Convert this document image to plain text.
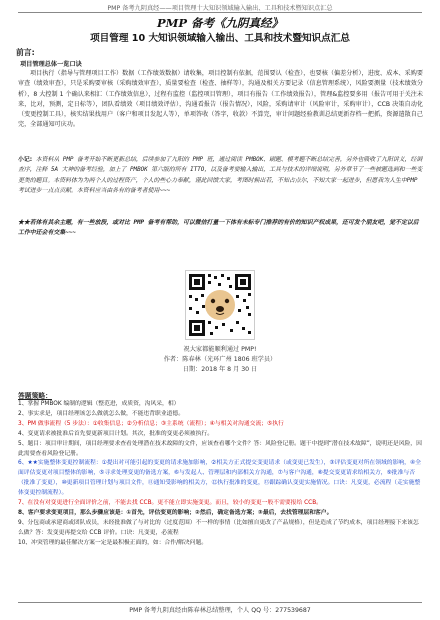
PMP 备考九阴真经——项目管理十大知识领域输入输出、工具和技术暨知识点汇总
PMP 备考《九阴真经》
项目管理 10 大知识领域输入输出、工具和技术暨知识点汇总
前言:
项目管理总体一览口诀

项目执行（指导与管理项目工作）数据（工作绩效数据）请收集，项目控制有依据，范围要认（检查），也要核（偏差分析），进度、成本、采购要审查（绩效审查），只是采购要审核（采购绩效审查），质量要检查（检查、抽样等），沟通及相关方要记录（信息管理系统），风险要测量（技术绩效分析），8 大控制 1 个确认来相汇（工作绩效信息），过程有监控（监控项目管理），项目有报告（工作绩效报告），管理&监控要多用（报告可用于关注未来，比对，预测，定日标等），团队看绩效（项目绩效评估），沟通看报告（报告情况），风险，采购请审计（风险审计，采购审计），CCB 决策自动化（变更控制工具），核实结果找用户（客户和项目发起人等），单项答收（答字，收款）不算完，审计问题经验教训总结更新存档一把抓，资源遣散自己完，全部通知可庆功。

小记: 本资料从 PMP 备考开始不断更新总结，后续参加了九阳的 PMP 班，通过阅读 PMBOK、刷题、模考题不断总结完善，另外也吸收了九阳讲义，经调查序，注释 5A 大神的备考经验，加上了 PMBOK 第六版的所有 ITTO，以及备考要输入输出，工具与技术的详细说明，另外章节了一些被题选到和一些变更类的题目。本资料体为为两个人的过程资产，个人的些心力奉献，谨此回馈大家，考图时候出若，不知占点尔，不知大家一起进步，但愿我为人生中PMP考试进步一点点贡献。本资料应当由各有的备考者使用~~~

★★若体有其余主题，有一些放段，或对比 PMP 备考有帮助，可以微信打量一下体有未标专门推荐的有价的知识产权成果，还可发个朋友吧，觉不定以后工作中还会有交集~~~

祝大家都能顺利通过 PMP!
作者：陈春林（光环广州 1806 班学员）
日期：2018 年 8 月 30 日
答题策略：
1、掌握 PMBOK 编制的逻辑（整范进，成质资，沟风采，相）
2、事实求是，项目经理该怎么做就怎么做，不能违背职业道德。
3、PM 做事流程（5 步法）：①收集信息；②分析信息；③主系统（流程）；④与相关对沟通交流；⑤执行
4、变更请求被批准后首先要更新项目计划。其次，批准的变更必须被执行。
5、题目：项目审计期间，项目经理要求查看处理潜在技术故障的文件，应该查看哪个文件？答：风险登记册。题干中提到“潜在技术故障”，说明还是风险，因此需要查看风险登记册。
6、★★实施整体变更控制流程：①提出对可能引起的变更的请求施加影响，②相关方正式提交变更请求（或变更已发生），③评估变更对所在领域的影响，④全面评估变更对项目整体的影响，⑤寻求处理变更的备选方案，⑥与发起人、管理层和内部相关方沟通，⑦与客户沟通，⑧提交变更请求给相关方，⑨批准与否（批准了变更），⑩更新项目管理计划与项目文件，⑪通知受影响的相关方，⑫执行批准的变更，⑬跟踪确认变更实施情况。口诀：凡变更，必流程（走实施整体变更控制流程）。
7、在没有对变更进行全面评价之前，不能去找 CCB。更不能立即实施变更。而且，较小的变更一般不需要报给 CCB。
8、客户要求变更项目，那么步骤应该是：①首先，评估变更的影响；②然后，确定备选方案；③最后，去找管理层和客户。
9、分包商或承建商或团队成员，未经批准做了与对比的（过度范围）不一样的事情（比如擅自更改了产品规格），但是造成了节约成本，项目经理接下来该怎么做？答：发变更再提交给 CCB 评价。口诀：凡变更，必流程
10、冲突管理的最佳解决方案一定是最积极正面的，如：合作/解决问题。
PMP 备考九阴真经由陈春林总结整理，个人 QQ 号：277539687
